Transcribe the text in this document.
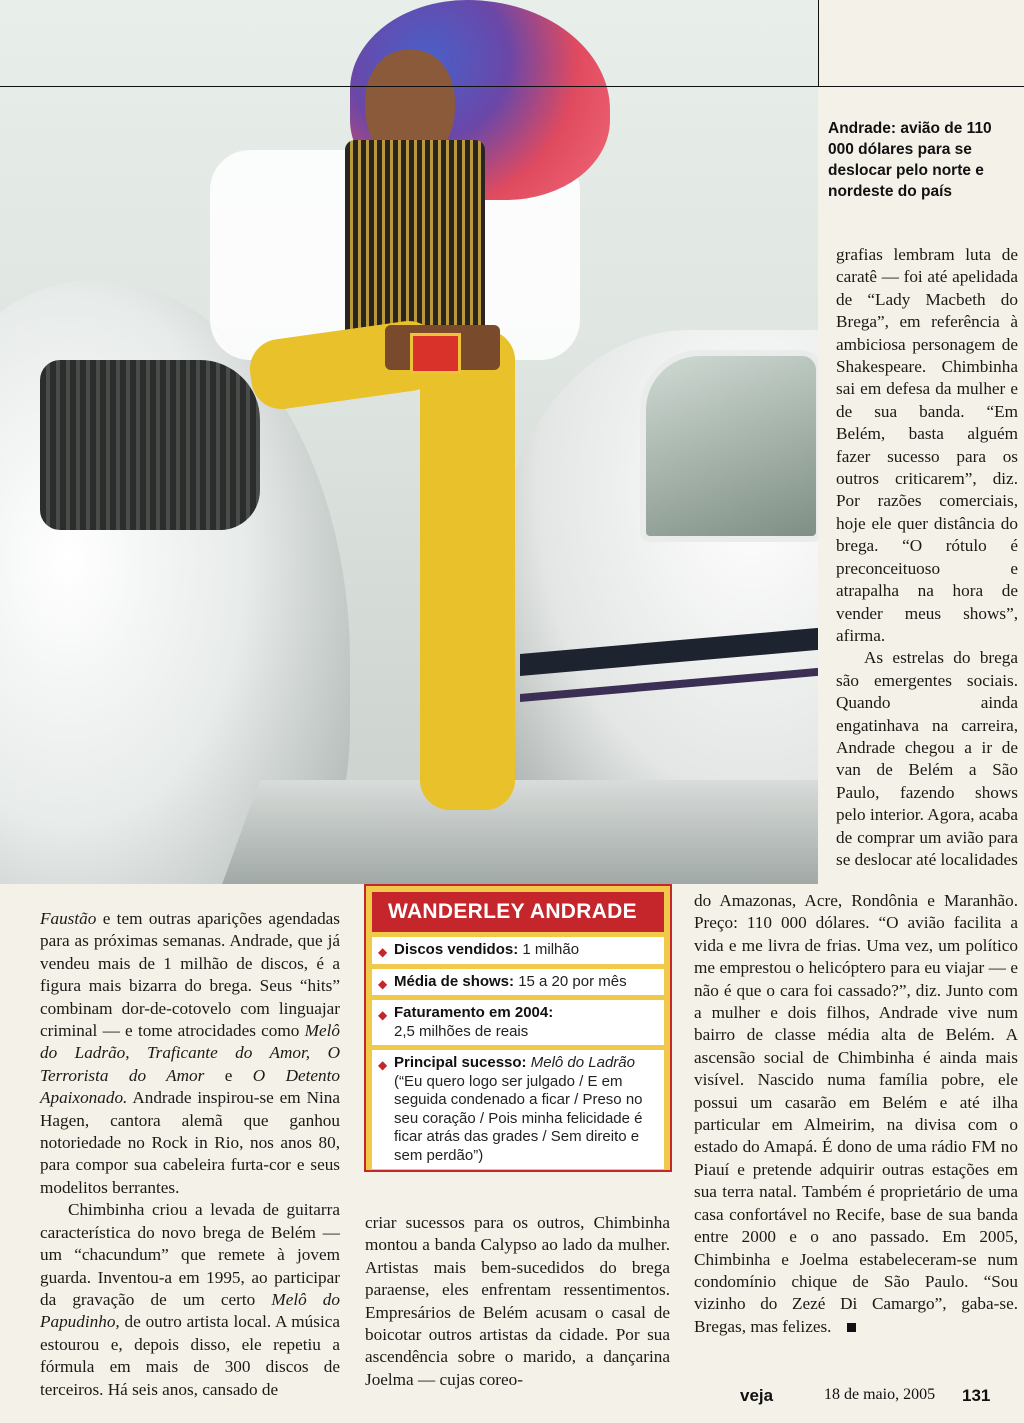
Andrade: avião de 110 000 dólares para se deslocar pelo norte e nordeste do país

grafias lembram luta de caratê — foi até apelidada de “Lady Macbeth do Brega”, em referência à ambiciosa personagem de Shakespeare. Chimbinha sai em defesa da mulher e de sua banda. “Em Belém, basta alguém fazer sucesso para os outros criticarem”, diz. Por razões comerciais, hoje ele quer distância do brega. “O rótulo é preconceituoso e atrapalha na hora de vender meus shows”, afirma.

As estrelas do brega são emergentes sociais. Quando ainda engatinhava na carreira, Andrade chegou a ir de van de Belém a São Paulo, fazendo shows pelo interior. Agora, acaba de comprar um avião para se deslocar até localidades

do Amazonas, Acre, Rondônia e Maranhão. Preço: 110 000 dólares. “O avião facilita a vida e me livra de frias. Uma vez, um político me emprestou o helicóptero para eu viajar — e não é que o cara foi cassado?”, diz. Junto com a mulher e dois filhos, Andrade vive num bairro de classe média alta de Belém. A ascensão social de Chimbinha é ainda mais visível. Nascido numa família pobre, ele possui um casarão em Belém e até ilha particular em Almeirim, na divisa com o estado do Amapá. É dono de uma rádio FM no Piauí e pretende adquirir outras estações em sua terra natal. Também é proprietário de uma casa confortável no Recife, base de sua banda entre 2000 e o ano passado. Em 2005, Chimbinha e Joelma estabeleceram-se num condomínio chique de São Paulo. “Sou vizinho do Zezé Di Camargo”, gaba-se. Bregas, mas felizes.

Faustão e tem outras aparições agendadas para as próximas semanas. Andrade, que já vendeu mais de 1 milhão de discos, é a figura mais bizarra do brega. Seus “hits” combinam dor-de-cotovelo com linguajar criminal — e tome atrocidades como Melô do Ladrão, Traficante do Amor, O Terrorista do Amor e O Detento Apaixonado. Andrade inspirou-se em Nina Hagen, cantora alemã que ganhou notoriedade no Rock in Rio, nos anos 80, para compor sua cabeleira furta-cor e seus modelitos berrantes.

Chimbinha criou a levada de guitarra característica do novo brega de Belém — um “chacundum” que remete à jovem guarda. Inventou-a em 1995, ao participar da gravação de um certo Melô do Papudinho, de outro artista local. A música estourou e, depois disso, ele repetiu a fórmula em mais de 300 discos de terceiros. Há seis anos, cansado de

WANDERLEY ANDRADE
◆ Discos vendidos: 1 milhão
◆ Média de shows: 15 a 20 por mês
◆ Faturamento em 2004:
2,5 milhões de reais
◆ Principal sucesso: Melô do Ladrão
(“Eu quero logo ser julgado / E em seguida condenado a ficar / Preso no seu coração / Pois minha felicidade é ficar atrás das grades / Sem direito e sem perdão”)

criar sucessos para os outros, Chimbinha montou a banda Calypso ao lado da mulher. Artistas mais bem-sucedidos do brega paraense, eles enfrentam ressentimentos. Empresários de Belém acusam o casal de boicotar outros artistas da cidade. Por sua ascendência sobre o marido, a dançarina Joelma — cujas coreo-

veja	18 de maio, 2005 131
